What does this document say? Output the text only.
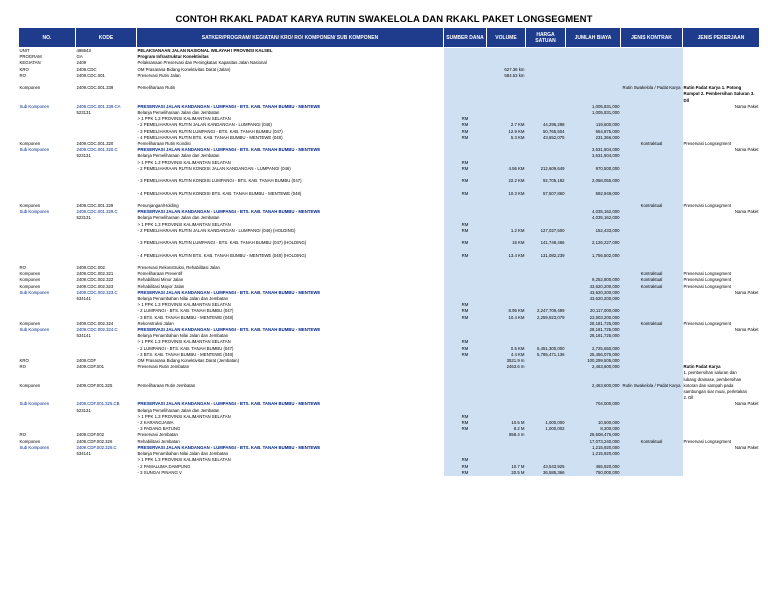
CONTOH RKAKL PADAT KARYA RUTIN SWAKELOLA DAN RKAKL PAKET LONGSEGMENT
NO.	KODE	SATKER/PROGRAM/ KEGIATAN/ KRO/ RO/ KOMPONEN/ SUB KOMPONEN	SUMBER DANA	VOLUME	HARGA SATUAN	JUMLAH BIAYA	JENIS KONTRAK	JENIS PEKERJAAN
UNIT	498643	PELAKSANAAN JALAN NASIONAL WILAYAH I PROVINSI KALSEL						
PROGRAM	GA	Program Infrastruktur Konektivitas						
KEGIATAN	2409	Pelaksanaan Preservasi dan Peningkatan Kapasitas Jalan Nasional						
KRO	2409.CDC	OM Prasarana Bidang Konektivitas Darat (Jalan)		627.36 km				
RO	2409.CDC.001	Preservasi Rutin Jalan		584.53 km				

Komponen	2409.CDC.001.339	Pemeliharaan Rutin					Rutin Swakelola / Padat Karya	Rutin Padat Karya 1. Potong Rumput 2. Pembersihan Saluran 3. Dll
Sub Komponen	2409.CDC.001.339.CA	PRESERVASI JALAN KANDANGAN - LUMPANGI - BTS. KAB. TANAH BUMBU - MENTEWE				1,005,831,000		Nama Paket
	523131	Belanja Pemeliharaan Jalan dan Jembatan				1,005,831,000		
		> 1 PPK 1.3 PROVINSI KALIMANTAN SELATAN	RM					
		- 2 PEMELIHARAAN RUTIN JALAN KANDANGAN - LUMPANGI (046)	RM	2.7 KM	44,296,298	119,600,000		
		- 3 PEMELIHARAAN RUTIN LUMPANGI - BTS. KAB. TANAH BUMBU (047)	RM	12.9 KM	50,765,504	654,875,000		
		- 4 PEMELIHARAAN RUTIN BTS. KAB. TANAH BUMBU - MENTEWE (048)	RM	5.3 KM	43,652,075	231,356,000		
Komponen	2409.CDC.001.320	Pemeliharaan Rutin Kondisi					Kontraktual	Preservasi Longsegment
Sub Komponen	2409.CDC.001.320.C	PRESERVASI JALAN KANDANGAN - LUMPANGI - BTS. KAB. TANAH BUMBU - MENTEWE				3,631,504,000		Nama Paket
	523131	Belanja Pemeliharaan Jalan dan Jembatan				3,631,504,000		
		> 1 PPK 1.3 PROVINSI KALIMANTAN SELATAN	RM					
		- 2 PEMELIHARAAN RUTIN KONDISI JALAN KANDANGAN - LUMPANGI (046)	RM	4.56 KM	212,609,649	970,500,000		

		- 3 PEMELIHARAAN RUTIN KONDISI LUMPANGI - BTS. KAB. TANAH BUMBU (047)	RM	22.2 KM	92,705,182	2,058,055,000		

		- 4 PEMELIHARAAN RUTIN KONDISI BTS. KAB. TANAH BUMBU - MENTEWE (048)	RM	10.3 KM	57,507,860	592,949,000		

Komponen	2409.CDC.001.329	Penunjangan/Holding					Kontraktual	Preservasi Longsegment
Sub Komponen	2409.CDC.001.329.C	PRESERVASI JALAN KANDANGAN - LUMPANGI - BTS. KAB. TANAH BUMBU - MENTEWE				4,035,162,000		Nama Paket
	523131	Belanja Pemeliharaan Jalan dan Jembatan				4,035,162,000		
		> 1 PPK 1.3 PROVINSI KALIMANTAN SELATAN	RM					
		- 2 PEMELIHARAAN RUTIN JALAN KANDANGAN - LUMPANGI (046) (HOLDING)	RM	1.2 KM	127,027,500	152,433,000		

		- 3 PEMELIHARAAN RUTIN LUMPANGI - BTS. KAB. TANAH BUMBU (047) (HOLDING)	RM	15 KM	141,748,466	2,126,227,000		

		- 4 PEMELIHARAAN RUTIN BTS. KAB. TANAH BUMBU - MENTEWE (048) (HOLDING)	RM	13.4 KM	131,082,239	1,756,502,000		

RO	2409.CDC.002	Preservasi Rekonstruksi, Rehabilitasi Jalan						
Komponen	2409.CDC.002.321	Pemeliharaan Preventif					Kontraktual	Preservasi Longsegment
Komponen	2409.CDC.002.322	Rehabilitasi Minor Jalan				9,252,800,000	Kontraktual	Preservasi Longsegment
Komponen	2409.CDC.002.323	Rehabilitasi Mayor Jalan				43,620,200,000	Kontraktual	Preservasi Longsegment
Sub Komponen	2409.CDC.002.323.C	PRESERVASI JALAN KANDANGAN - LUMPANGI - BTS. KAB. TANAH BUMBU - MENTEWE				43,620,200,000		Nama Paket
	534141	Belanja Penambahan Nilai Jalan dan Jembatan				43,620,200,000		
		> 1 PPK 1.3 PROVINSI KALIMANTAN SELATAN	RM					
		- 2 LUMPANGI - BTS. KAB. TANAH BUMBU (047)	RM	8.95 KM	2,247,709,499	20,117,000,000		
		- 3 BTS. KAB. TANAH BUMBU - MENTEWE (048)	RM	10.4 KM	2,259,923,079	23,503,200,000		
Komponen	2409.CDC.002.324	Rekonstruksi Jalan				28,181,725,000	Kontraktual	Preservasi Longsegment
Sub Komponen	2409.CDC.002.324.C	PRESERVASI JALAN KANDANGAN - LUMPANGI - BTS. KAB. TANAH BUMBU - MENTEWE				28,181,725,000		Nama Paket
	534141	Belanja Penambahan Nilai Jalan dan Jembatan				28,181,725,000		
		> 1 PPK 1.3 PROVINSI KALIMANTAN SELATAN	RM					
		- 2 LUMPANGI - BTS. KAB. TANAH BUMBU (047)	RM	0.5 KM	5,451,300,000	2,725,650,000		
		- 3 BTS. KAB. TANAH BUMBU - MENTEWE (048)	RM	4.4 KM	5,785,471,136	25,456,075,000		
KRO	2409.CDF	OM Prasarana Bidang Konektivitas Darat (Jembatan)		3521.9 m		100,299,505,000		
RO	2409.CDF.001	Preservasi Rutin Jembatan		2463.6 m		2,463,600,000		Rutin Padat Karya
								1. pembersihan saluran dan
								lubang drainase, pembersihan
Komponen	2409.CDF.001.325	Pemeliharaan Rutin Jembatan				2,463,600,000	Rutin Swakelola / Padat Karya	kotoran dan sampah pada
								sambungan siar muai, perletakan
								2. Dll
Sub Komponen	2409.CDF.001.325.CB	PRESERVASI JALAN KANDANGAN - LUMPANGI - BTS. KAB. TANAH BUMBU - MENTEWE				704,000,000		Nama Paket
	523131	Belanja Pemeliharaan Jalan dan Jembatan						
		> 1 PPK 1.3 PROVINSI KALIMANTAN SELATAN	RM					
		- 2 KARANGJAWA	RM	10.5 M	1,000,000	10,500,000		
		- 3 PADANG BATUNG	RM	8.2 M	1,000,002	8,200,000		
RO	2409.CDF.002	Preservasi Jembatan		858.4 m		28,508,476,000		
Komponen	2409.CDF.002.326	Rehabilitasi Jembatan				17,073,240,000	Kontraktual	Preservasi Longsegment
Sub Komponen	2409.CDF.002.326.C	PRESERVASI JALAN KANDANGAN - LUMPANGI - BTS. KAB. TANAH BUMBU - MENTEWE				1,215,920,000		Nama Paket
	534141	Belanja Penambahan Nilai Jalan dan Jembatan				1,215,920,000		
		> 1 PPK 1.3 PROVINSI KALIMANTAN SELATAN	RM					
		- 2 PAMALUMA DAMPUNG	RM	10.7 M	43,543,925	465,920,000		
		- 3 SUNGAI PINANG V	RM	20.5 M	36,585,366	750,000,000		
